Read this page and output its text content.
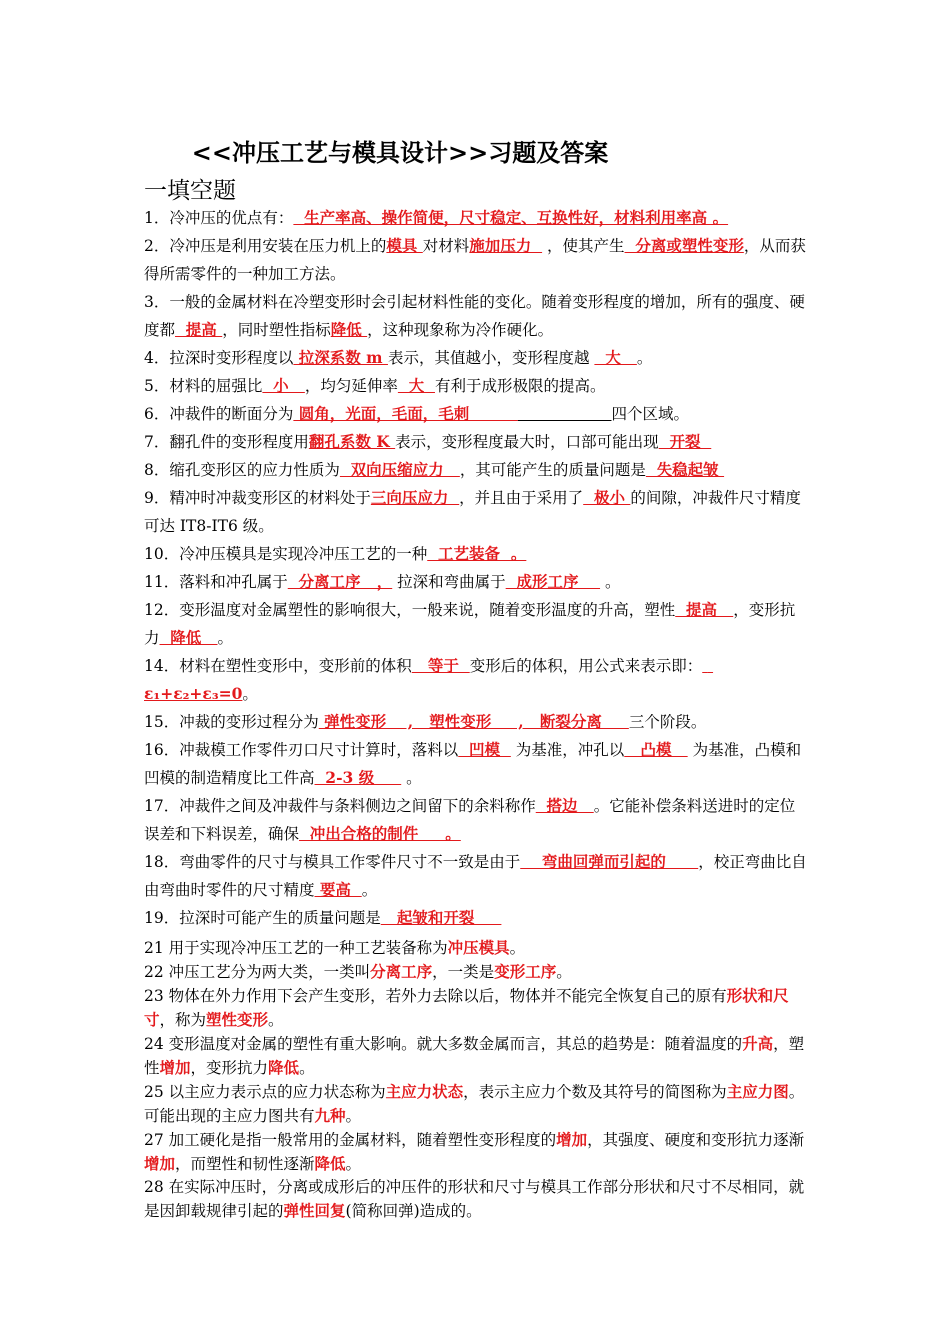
<<冲压工艺与模具设计>>习题及答案
一填空题

1．冷冲压的优点有：  生产率高、操作简便，尺寸稳定、互换性好，材料利用率高 。

2．冷冲压是利用安装在压力机上的模具 对材料施加压力   ，使其产生  分离或塑性变形，从而获得所需零件的一种加工方法。

3．一般的金属材料在冷塑变形时会引起材料性能的变化。随着变形程度的增加，所有的强度、硬度都  提高 ，同时塑性指标降低 ，这种现象称为冷作硬化。

4．拉深时变形程度以 拉深系数 m 表示，其值越小，变形程度越   大   。

5．材料的屈强比  小   ，均匀延伸率  大  有利于成形极限的提高。

6．冲裁件的断面分为 圆角，光面，毛面，毛刺	四个区域。

7．翻孔件的变形程度用翻孔系数 K 表示，变形程度最大时，口部可能出现  开裂

8．缩孔变形区的应力性质为  双向压缩应力   ，其可能产生的质量问题是  失稳起皱

9．精冲时冲裁变形区的材料处于三向压应力  ，并且由于采用了  极小 的间隙，冲裁件尺寸精度可达 IT8-IT6 级。

10．冷冲压模具是实现冷冲压工艺的一种  工艺装备  。

11．落料和冲孔属于  分离工序   ， 拉深和弯曲属于  成形工序     。

12．变形温度对金属塑性的影响很大，一般来说，随着变形温度的升高，塑性  提高   ，变形抗力  降低   。

14．材料在塑性变形中，变形前的体积   等于  变形后的体积，用公式来表示即：  ε₁+ε₂+ε₃=0。

15．冲裁的变形过程分为 弹性变形    ,   塑性变形     ,   断裂分离     三个阶段。

16．冲裁模工作零件刃口尺寸计算时，落料以  凹模   为基准，冲孔以   凸模    为基准，凸模和凹模的制造精度比工件高  2-3 级      。

17．冲裁件之间及冲裁件与条料侧边之间留下的余料称作  搭边   。它能补偿条料送进时的定位误差和下料误差，确保  冲出合格的制件     。

18．弯曲零件的尺寸与模具工作零件尺寸不一致是由于    弯曲回弹而引起的      ，校正弯曲比自由弯曲时零件的尺寸精度 要高  。

19．拉深时可能产生的质量问题是   起皱和开裂

21 用于实现冷冲压工艺的一种工艺装备称为冲压模具。

22 冲压工艺分为两大类，一类叫分离工序，一类是变形工序。

23 物体在外力作用下会产生变形，若外力去除以后，物体并不能完全恢复自己的原有形状和尺寸，称为塑性变形。

24 变形温度对金属的塑性有重大影响。就大多数金属而言，其总的趋势是：随着温度的升高，塑性增加，变形抗力降低。

25 以主应力表示点的应力状态称为主应力状态，表示主应力个数及其符号的简图称为主应力图。可能出现的主应力图共有九种。

27 加工硬化是指一般常用的金属材料，随着塑性变形程度的增加，其强度、硬度和变形抗力逐渐增加，而塑性和韧性逐渐降低。

28 在实际冲压时，分离或成形后的冲压件的形状和尺寸与模具工作部分形状和尺寸不尽相同，就是因卸载规律引起的弹性回复(简称回弹)造成的。
